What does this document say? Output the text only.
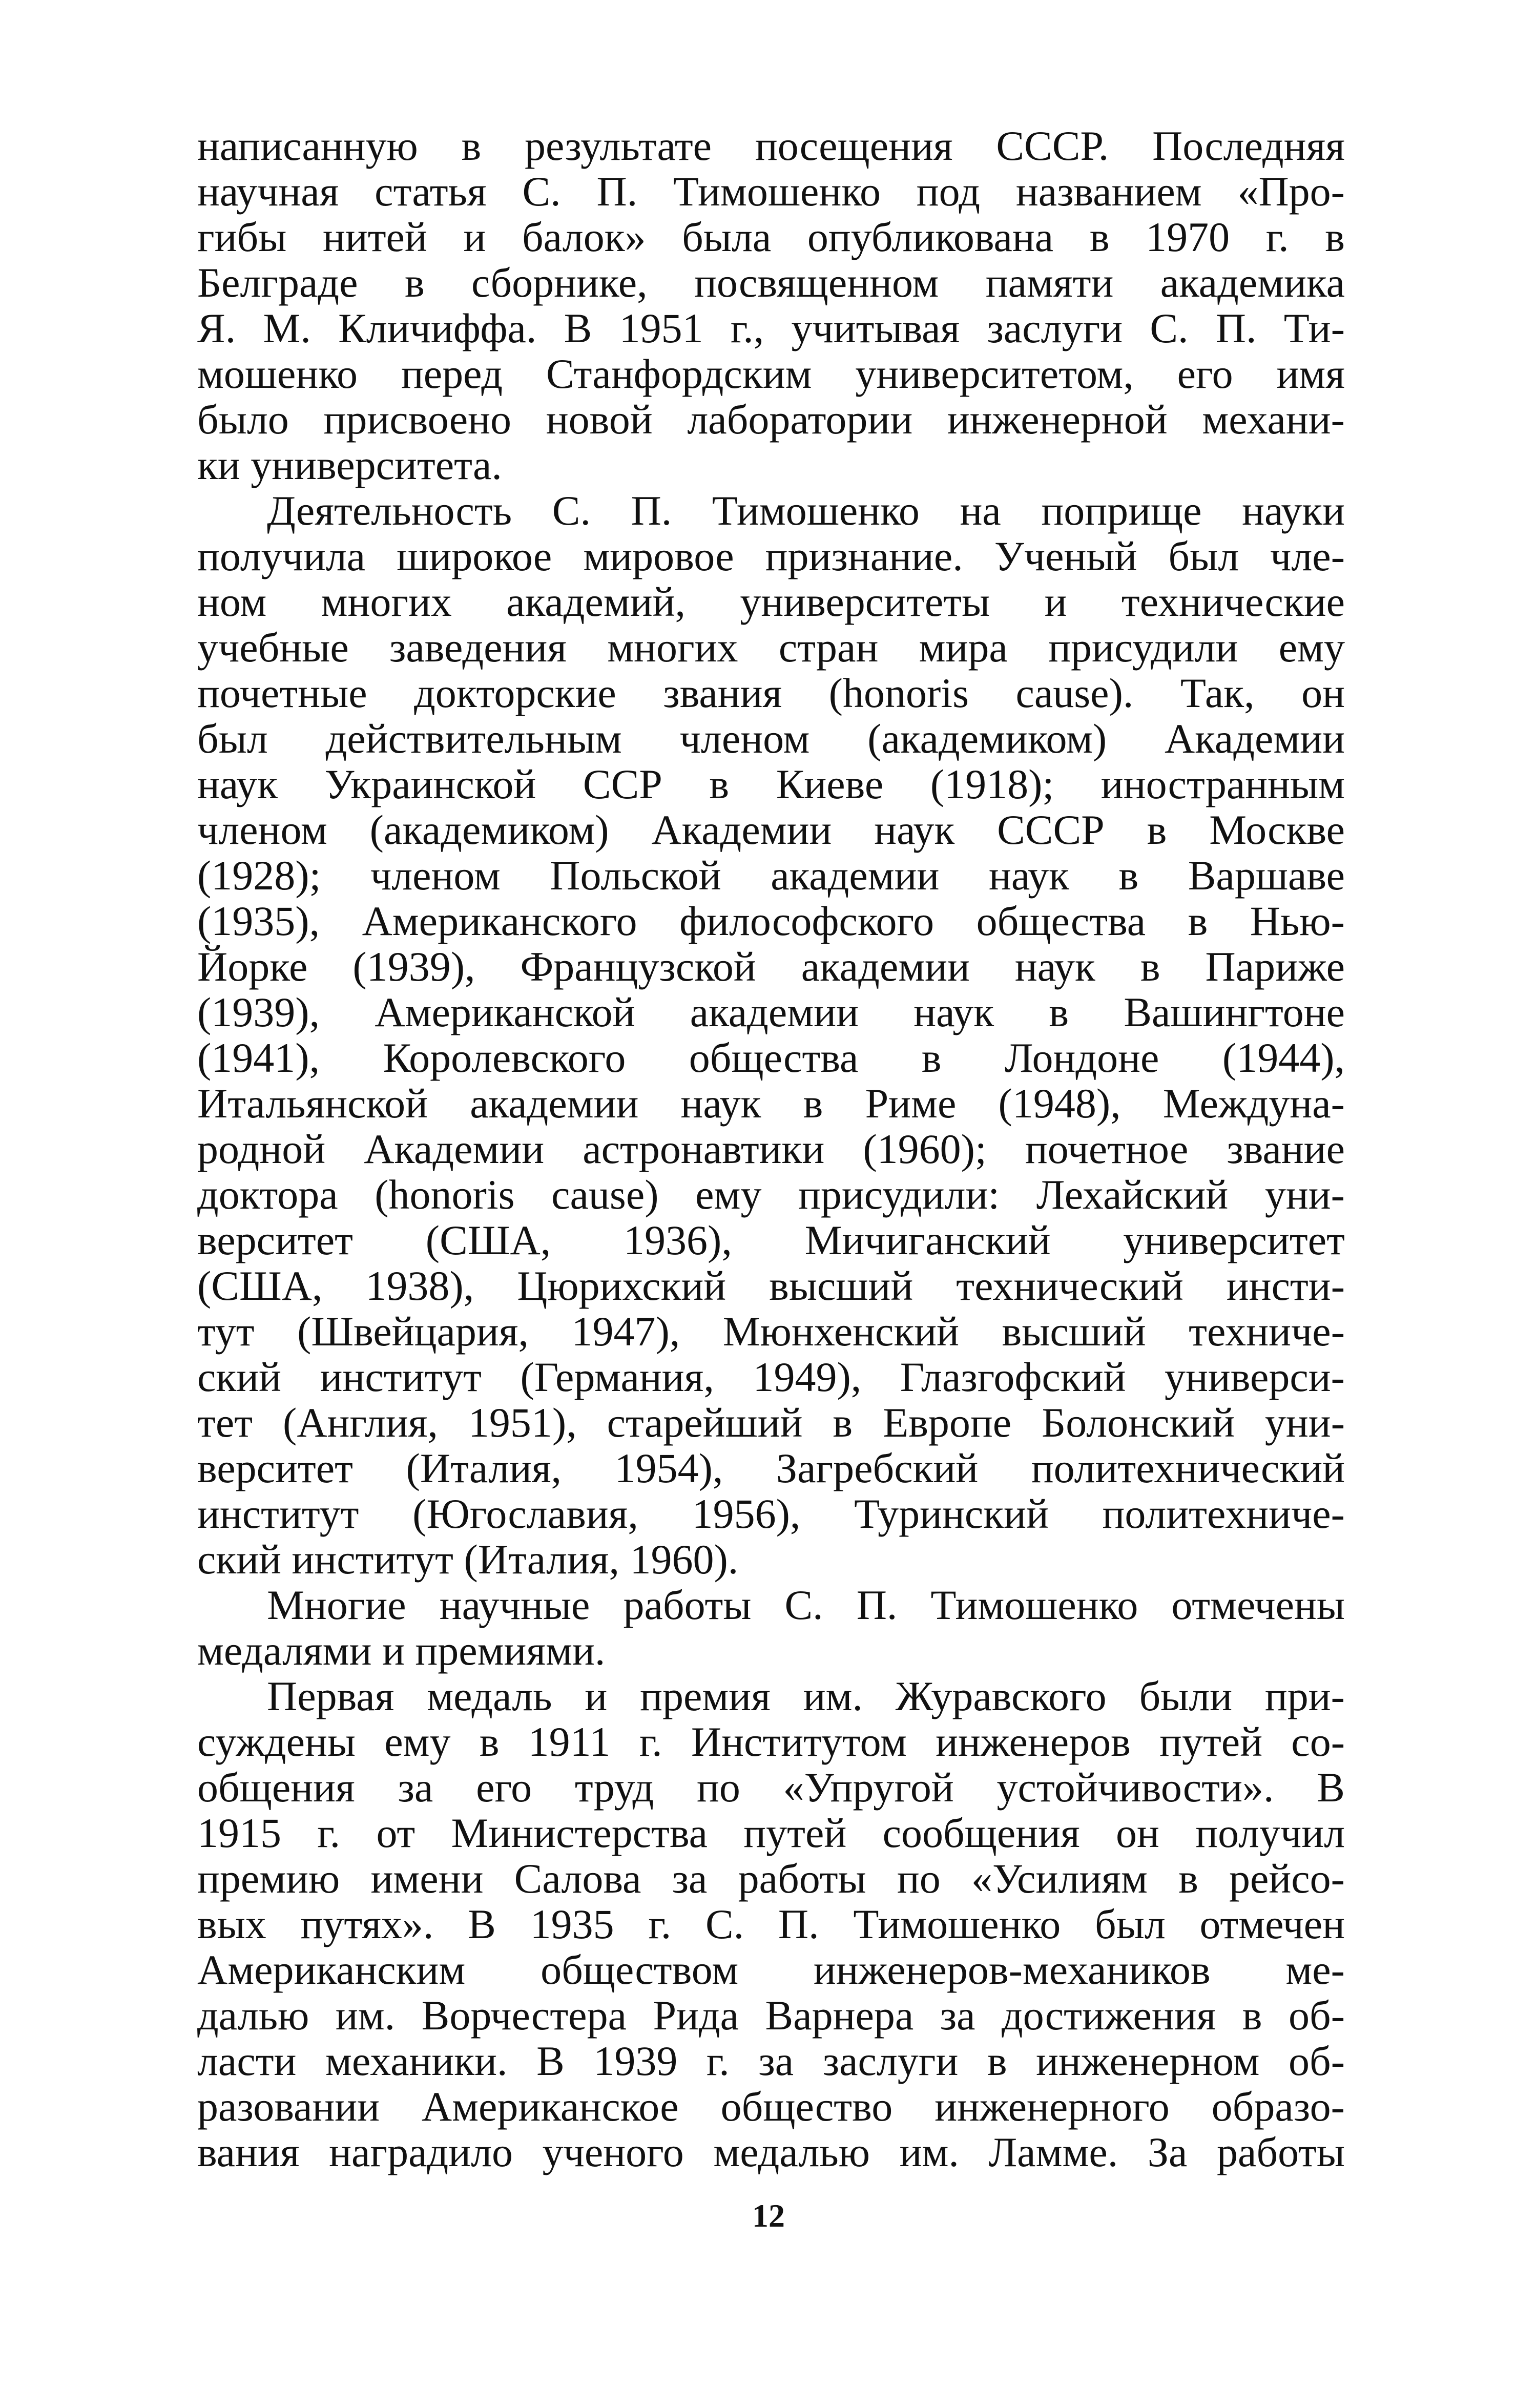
написанную в результате посещения СССР. Последняя
научная статья С. П. Тимошенко под названием «Про-
гибы нитей и балок» была опубликована в 1970 г. в
Белграде в сборнике, посвященном памяти академика
Я. М. Кличиффа. В 1951 г., учитывая заслуги С. П. Ти-
мошенко перед Станфордским университетом, его имя
было присвоено новой лаборатории инженерной механи-
ки университета.

Деятельность С. П. Тимошенко на поприще науки
получила широкое мировое признание. Ученый был чле-
ном многих академий, университеты и технические
учебные заведения многих стран мира присудили ему
почетные докторские звания (honoris cause). Так, он
был действительным членом (академиком) Академии
наук Украинской ССР в Киеве (1918); иностранным
членом (академиком) Академии наук СССР в Москве
(1928); членом Польской академии наук в Варшаве
(1935), Американского философского общества в Нью-
Йорке (1939), Французской академии наук в Париже
(1939), Американской академии наук в Вашингтоне
(1941), Королевского общества в Лондоне (1944),
Итальянской академии наук в Риме (1948), Междуна-
родной Академии астронавтики (1960); почетное звание
доктора (honoris cause) ему присудили: Лехайский уни-
верситет (США, 1936), Мичиганский университет
(США, 1938), Цюрихский высший технический инсти-
тут (Швейцария, 1947), Мюнхенский высший техниче-
ский институт (Германия, 1949), Глазгофский универси-
тет (Англия, 1951), старейший в Европе Болонский уни-
верситет (Италия, 1954), Загребский политехнический
институт (Югославия, 1956), Туринский политехниче-
ский институт (Италия, 1960).

Многие научные работы С. П. Тимошенко отмечены
медалями и премиями.

Первая медаль и премия им. Журавского были при-
суждены ему в 1911 г. Институтом инженеров путей со-
общения за его труд по «Упругой устойчивости». В
1915 г. от Министерства путей сообщения он получил
премию имени Салова за работы по «Усилиям в рейсо-
вых путях». В 1935 г. С. П. Тимошенко был отмечен
Американским обществом инженеров-механиков ме-
далью им. Ворчестера Рида Варнера за достижения в об-
ласти механики. В 1939 г. за заслуги в инженерном об-
разовании Американское общество инженерного образо-
вания наградило ученого медалью им. Ламме. За работы

12
